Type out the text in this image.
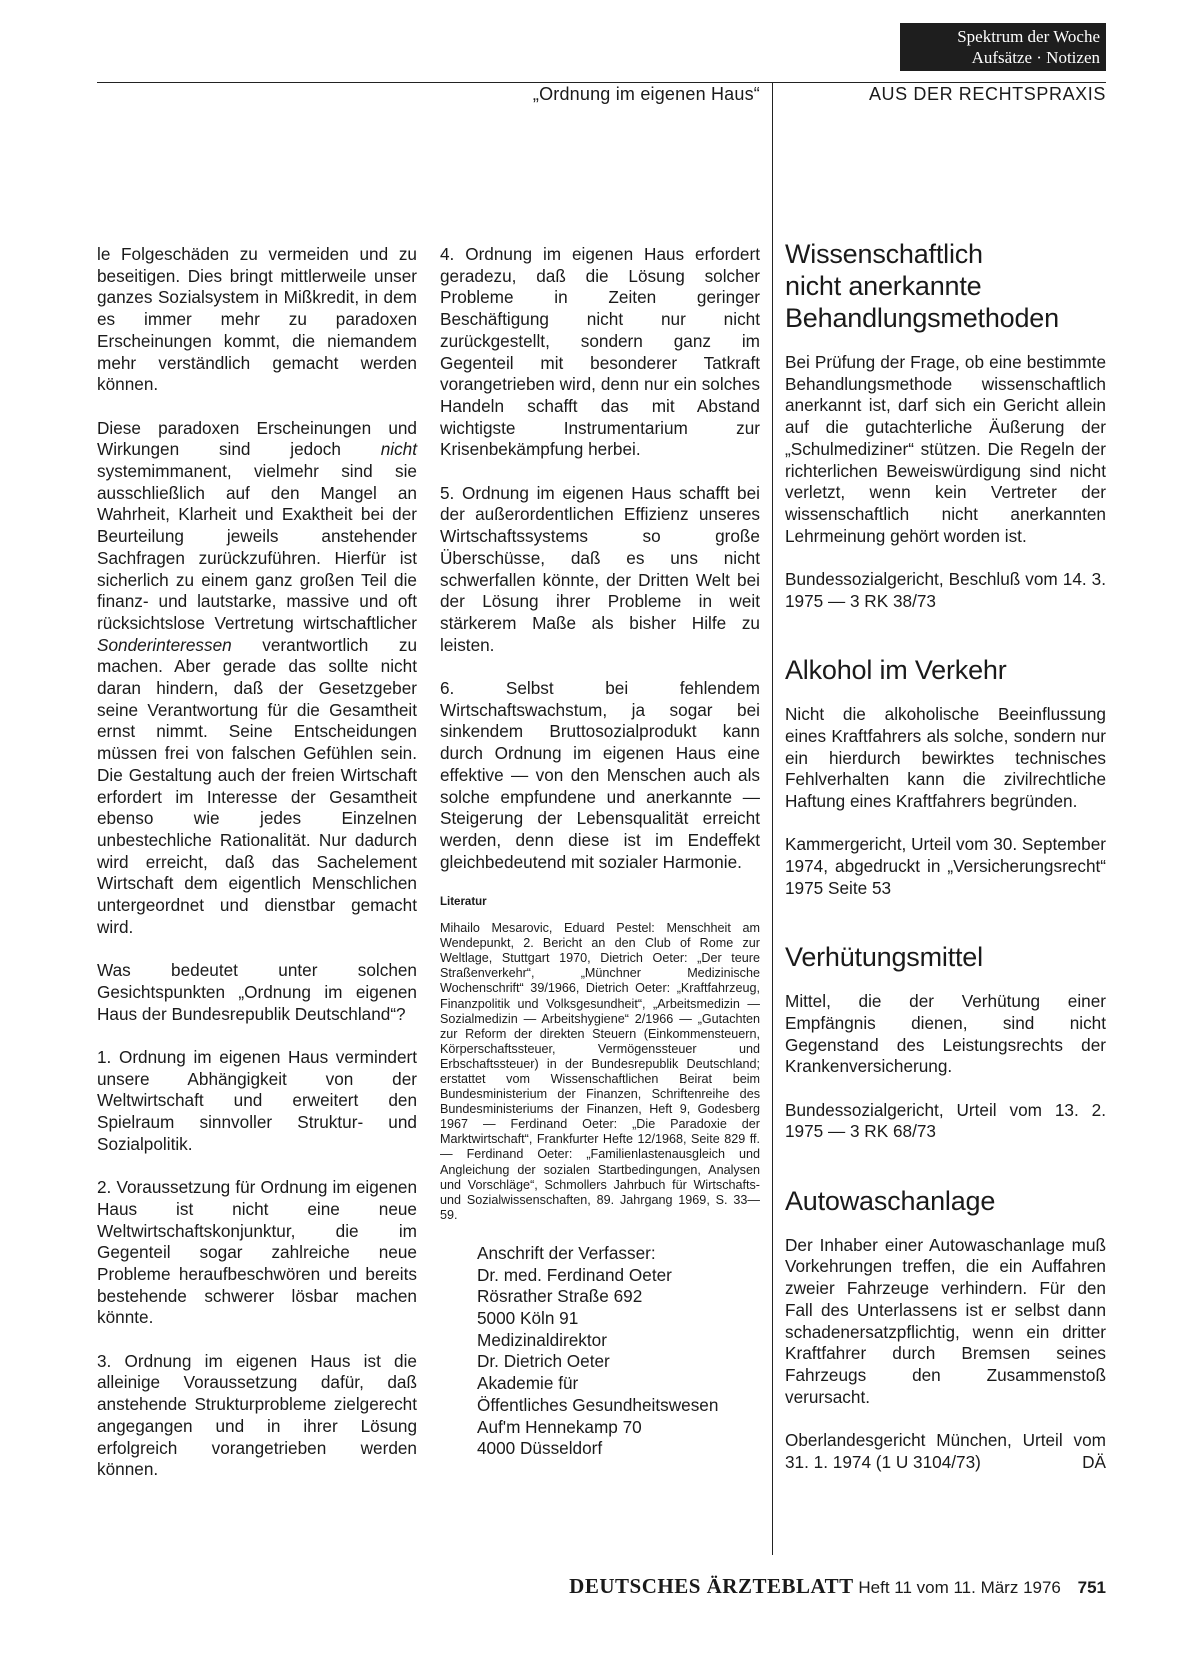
Spektrum der Woche
Aufsätze · Notizen
„Ordnung im eigenen Haus“	AUS DER RECHTSPRAXIS

le Folgeschäden zu vermeiden und zu beseitigen. Dies bringt mittlerweile unser ganzes Sozialsystem in Mißkredit, in dem es immer mehr zu paradoxen Erscheinungen kommt, die niemandem mehr verständlich gemacht werden können.

Diese paradoxen Erscheinungen und Wirkungen sind jedoch nicht systemimmanent, vielmehr sind sie ausschließlich auf den Mangel an Wahrheit, Klarheit und Exaktheit bei der Beurteilung jeweils anstehender Sachfragen zurückzuführen. Hierfür ist sicherlich zu einem ganz großen Teil die finanz- und lautstarke, massive und oft rücksichtslose Vertretung wirtschaftlicher Sonderinteressen verantwortlich zu machen. Aber gerade das sollte nicht daran hindern, daß der Gesetzgeber seine Verantwortung für die Gesamtheit ernst nimmt. Seine Entscheidungen müssen frei von falschen Gefühlen sein. Die Gestaltung auch der freien Wirtschaft erfordert im Interesse der Gesamtheit ebenso wie jedes Einzelnen unbestechliche Rationalität. Nur dadurch wird erreicht, daß das Sachelement Wirtschaft dem eigentlich Menschlichen untergeordnet und dienstbar gemacht wird.

Was bedeutet unter solchen Gesichtspunkten „Ordnung im eigenen Haus der Bundesrepublik Deutschland“?

1. Ordnung im eigenen Haus vermindert unsere Abhängigkeit von der Weltwirtschaft und erweitert den Spielraum sinnvoller Struktur- und Sozialpolitik.

2. Voraussetzung für Ordnung im eigenen Haus ist nicht eine neue Weltwirtschaftskonjunktur, die im Gegenteil sogar zahlreiche neue Probleme heraufbeschwören und bereits bestehende schwerer lösbar machen könnte.

3. Ordnung im eigenen Haus ist die alleinige Voraussetzung dafür, daß anstehende Strukturprobleme zielgerecht angegangen und in ihrer Lösung erfolgreich vorangetrieben werden können.

4. Ordnung im eigenen Haus erfordert geradezu, daß die Lösung solcher Probleme in Zeiten geringer Beschäftigung nicht nur nicht zurückgestellt, sondern ganz im Gegenteil mit besonderer Tatkraft vorangetrieben wird, denn nur ein solches Handeln schafft das mit Abstand wichtigste Instrumentarium zur Krisenbekämpfung herbei.

5. Ordnung im eigenen Haus schafft bei der außerordentlichen Effizienz unseres Wirtschaftssystems so große Überschüsse, daß es uns nicht schwerfallen könnte, der Dritten Welt bei der Lösung ihrer Probleme in weit stärkerem Maße als bisher Hilfe zu leisten.

6. Selbst bei fehlendem Wirtschaftswachstum, ja sogar bei sinkendem Bruttosozialprodukt kann durch Ordnung im eigenen Haus eine effektive — von den Menschen auch als solche empfundene und anerkannte — Steigerung der Lebensqualität erreicht werden, denn diese ist im Endeffekt gleichbedeutend mit sozialer Harmonie.

Literatur
Mihailo Mesarovic, Eduard Pestel: Menschheit am Wendepunkt, 2. Bericht an den Club of Rome zur Weltlage, Stuttgart 1970, Dietrich Oeter: „Der teure Straßenverkehr“, „Münchner Medizinische Wochenschrift“ 39/1966, Dietrich Oeter: „Kraftfahrzeug, Finanzpolitik und Volksgesundheit“, „Arbeitsmedizin — Sozialmedizin — Arbeitshygiene“ 2/1966 — „Gutachten zur Reform der direkten Steuern (Einkommensteuern, Körperschaftssteuer, Vermögenssteuer und Erbschaftssteuer) in der Bundesrepublik Deutschland; erstattet vom Wissenschaftlichen Beirat beim Bundesministerium der Finanzen, Schriftenreihe des Bundesministeriums der Finanzen, Heft 9, Godesberg 1967 — Ferdinand Oeter: „Die Paradoxie der Marktwirtschaft“, Frankfurter Hefte 12/1968, Seite 829 ff. — Ferdinand Oeter: „Familienlastenausgleich und Angleichung der sozialen Startbedingungen, Analysen und Vorschläge“, Schmollers Jahrbuch für Wirtschafts- und Sozialwissenschaften, 89. Jahrgang 1969, S. 33—59.
Anschrift der Verfasser:
Dr. med. Ferdinand Oeter
Rösrather Straße 692
5000 Köln 91
Medizinaldirektor
Dr. Dietrich Oeter
Akademie für
Öffentliches Gesundheitswesen
Auf'm Hennekamp 70
4000 Düsseldorf
Wissenschaftlich
nicht anerkannte
Behandlungsmethoden

Bei Prüfung der Frage, ob eine bestimmte Behandlungsmethode wissenschaftlich anerkannt ist, darf sich ein Gericht allein auf die gutachterliche Äußerung der „Schulmediziner“ stützen. Die Regeln der richterlichen Beweiswürdigung sind nicht verletzt, wenn kein Vertreter der wissenschaftlich nicht anerkannten Lehrmeinung gehört worden ist.

Bundessozialgericht, Beschluß vom 14. 3. 1975 — 3 RK 38/73

Alkohol im Verkehr

Nicht die alkoholische Beeinflussung eines Kraftfahrers als solche, sondern nur ein hierdurch bewirktes technisches Fehlverhalten kann die zivilrechtliche Haftung eines Kraftfahrers begründen.

Kammergericht, Urteil vom 30. September 1974, abgedruckt in „Versicherungsrecht“ 1975 Seite 53

Verhütungsmittel

Mittel, die der Verhütung einer Empfängnis dienen, sind nicht Gegenstand des Leistungsrechts der Krankenversicherung.

Bundessozialgericht, Urteil vom 13. 2. 1975 — 3 RK 68/73

Autowaschanlage

Der Inhaber einer Autowaschanlage muß Vorkehrungen treffen, die ein Auffahren zweier Fahrzeuge verhindern. Für den Fall des Unterlassens ist er selbst dann schadenersatzpflichtig, wenn ein dritter Kraftfahrer durch Bremsen seines Fahrzeugs den Zusammenstoß verursacht.

Oberlandesgericht München, Urteil vom 31. 1. 1974 (1 U 3104/73)	DÄ

DEUTSCHES ÄRZTEBLATT Heft 11 vom 11. März 1976 751
